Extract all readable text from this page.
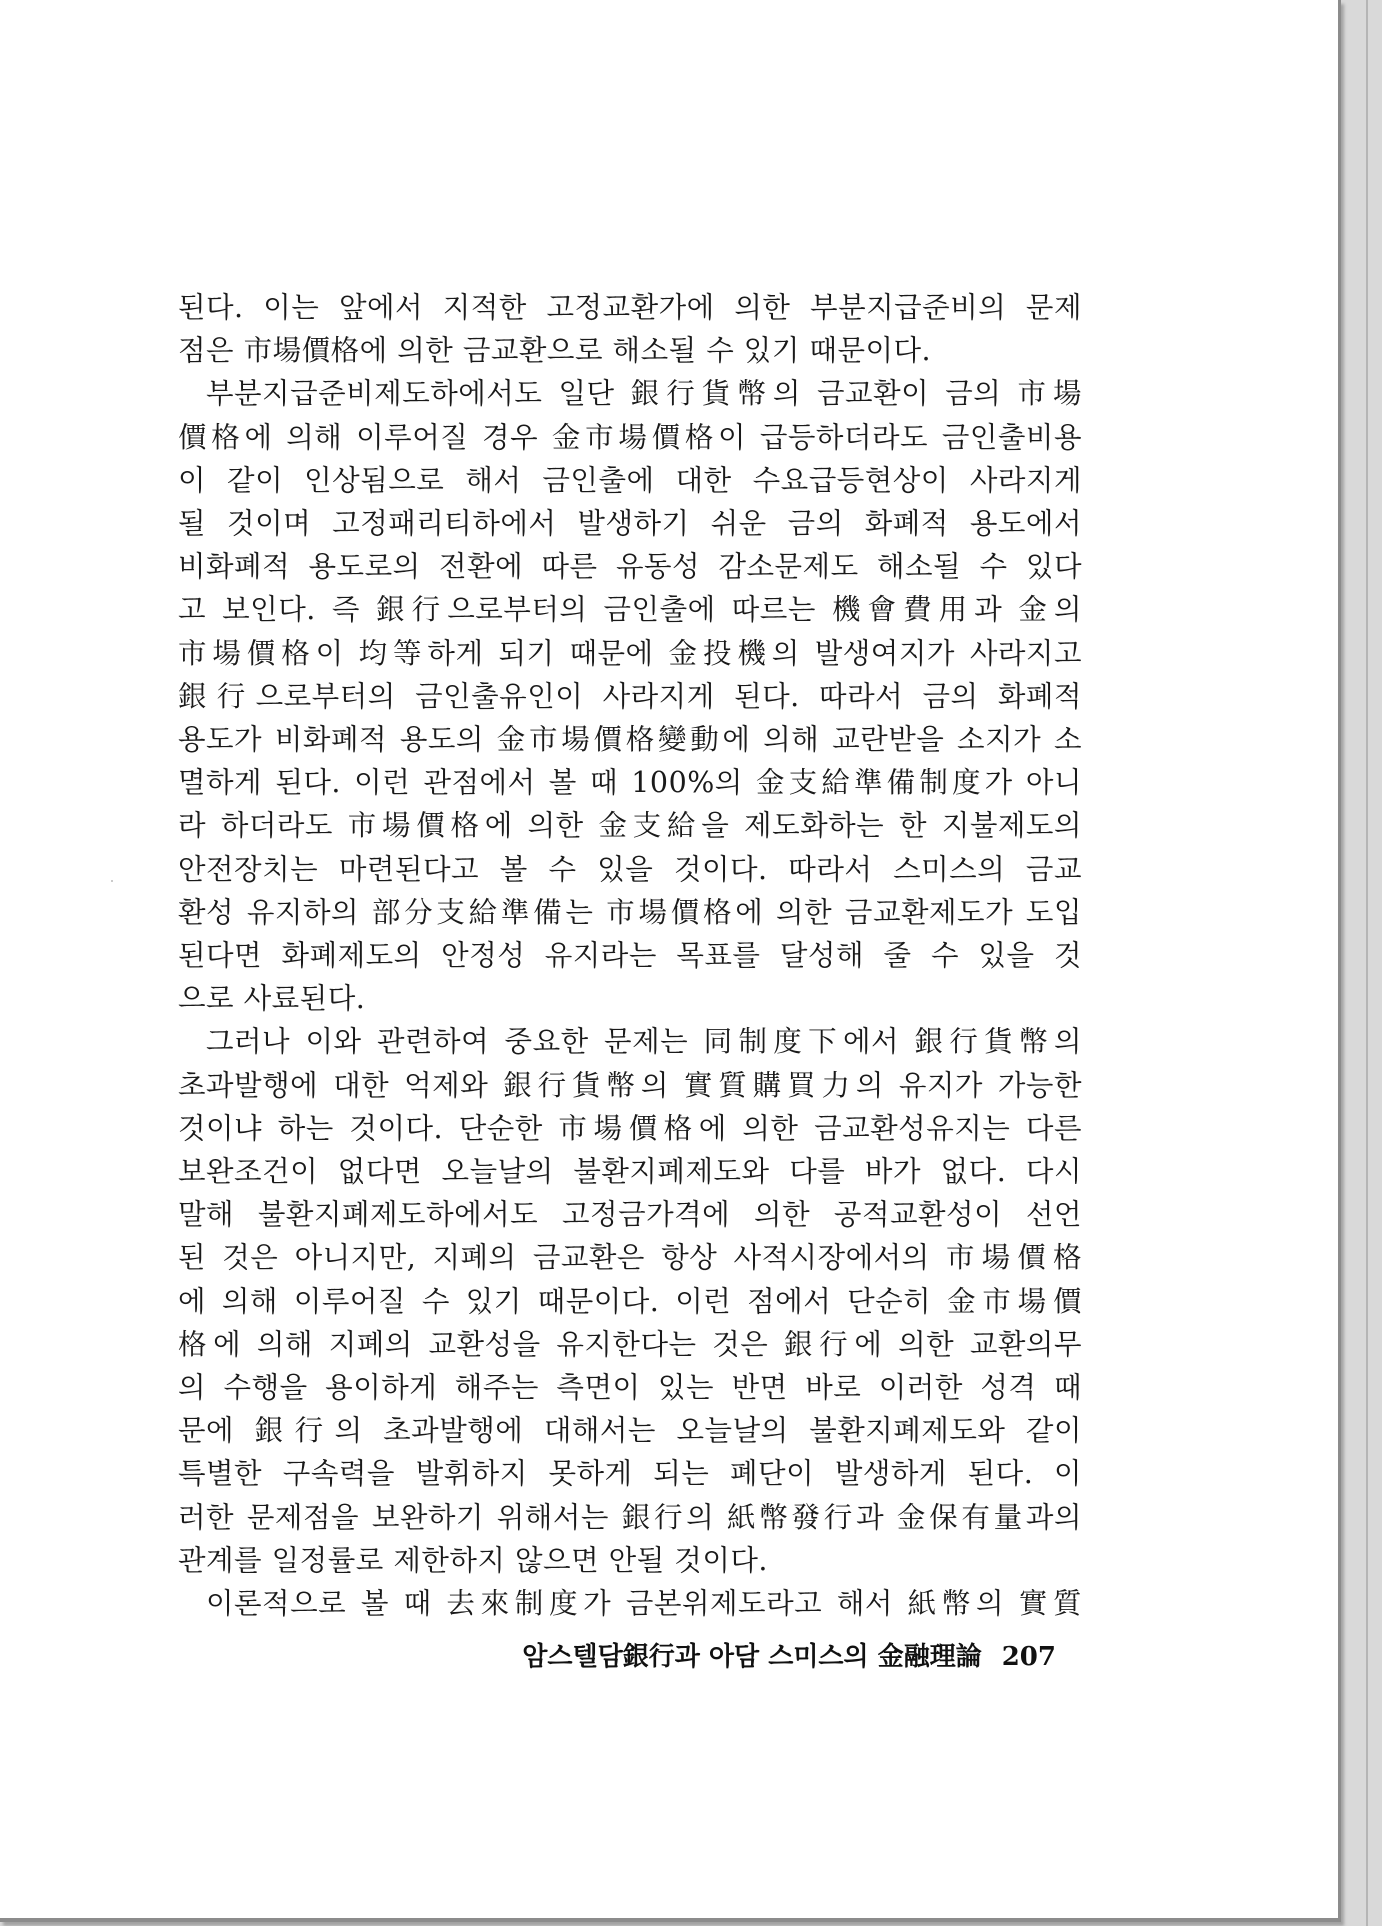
된다. 이는 앞에서 지적한 고정교환가에 의한 부분지급준비의 문제
점은 市場價格에 의한 금교환으로 해소될 수 있기 때문이다.
부분지급준비제도하에서도 일단 銀行貨幣의 금교환이 금의 市場
價格에 의해 이루어질 경우 金市場價格이 급등하더라도 금인출비용
이 같이 인상됨으로 해서 금인출에 대한 수요급등현상이 사라지게
될 것이며 고정패리티하에서 발생하기 쉬운 금의 화폐적 용도에서
비화폐적 용도로의 전환에 따른 유동성 감소문제도 해소될 수 있다
고 보인다. 즉 銀行으로부터의 금인출에 따르는 機會費用과 金의
市場價格이 均等하게 되기 때문에 金投機의 발생여지가 사라지고
銀行으로부터의 금인출유인이 사라지게 된다. 따라서 금의 화폐적
용도가 비화폐적 용도의 金市場價格變動에 의해 교란받을 소지가 소
멸하게 된다. 이런 관점에서 볼 때 100%의 金支給準備制度가 아니
라 하더라도 市場價格에 의한 金支給을 제도화하는 한 지불제도의
안전장치는 마련된다고 볼 수 있을 것이다. 따라서 스미스의 금교
환성 유지하의 部分支給準備는 市場價格에 의한 금교환제도가 도입
된다면 화폐제도의 안정성 유지라는 목표를 달성해 줄 수 있을 것
으로 사료된다.
그러나 이와 관련하여 중요한 문제는 同制度下에서 銀行貨幣의
초과발행에 대한 억제와 銀行貨幣의 實質購買力의 유지가 가능한
것이냐 하는 것이다. 단순한 市場價格에 의한 금교환성유지는 다른
보완조건이 없다면 오늘날의 불환지폐제도와 다를 바가 없다. 다시
말해 불환지폐제도하에서도 고정금가격에 의한 공적교환성이 선언
된 것은 아니지만, 지폐의 금교환은 항상 사적시장에서의 市場價格
에 의해 이루어질 수 있기 때문이다. 이런 점에서 단순히 金市場價
格에 의해 지폐의 교환성을 유지한다는 것은 銀行에 의한 교환의무
의 수행을 용이하게 해주는 측면이 있는 반면 바로 이러한 성격 때
문에 銀行의 초과발행에 대해서는 오늘날의 불환지폐제도와 같이
특별한 구속력을 발휘하지 못하게 되는 폐단이 발생하게 된다. 이
러한 문제점을 보완하기 위해서는 銀行의 紙幣發行과 金保有量과의
관계를 일정률로 제한하지 않으면 안될 것이다.
이론적으로 볼 때 去來制度가 금본위제도라고 해서 紙幣의 實質
암스텔담銀行과 아담 스미스의 金融理論 207
